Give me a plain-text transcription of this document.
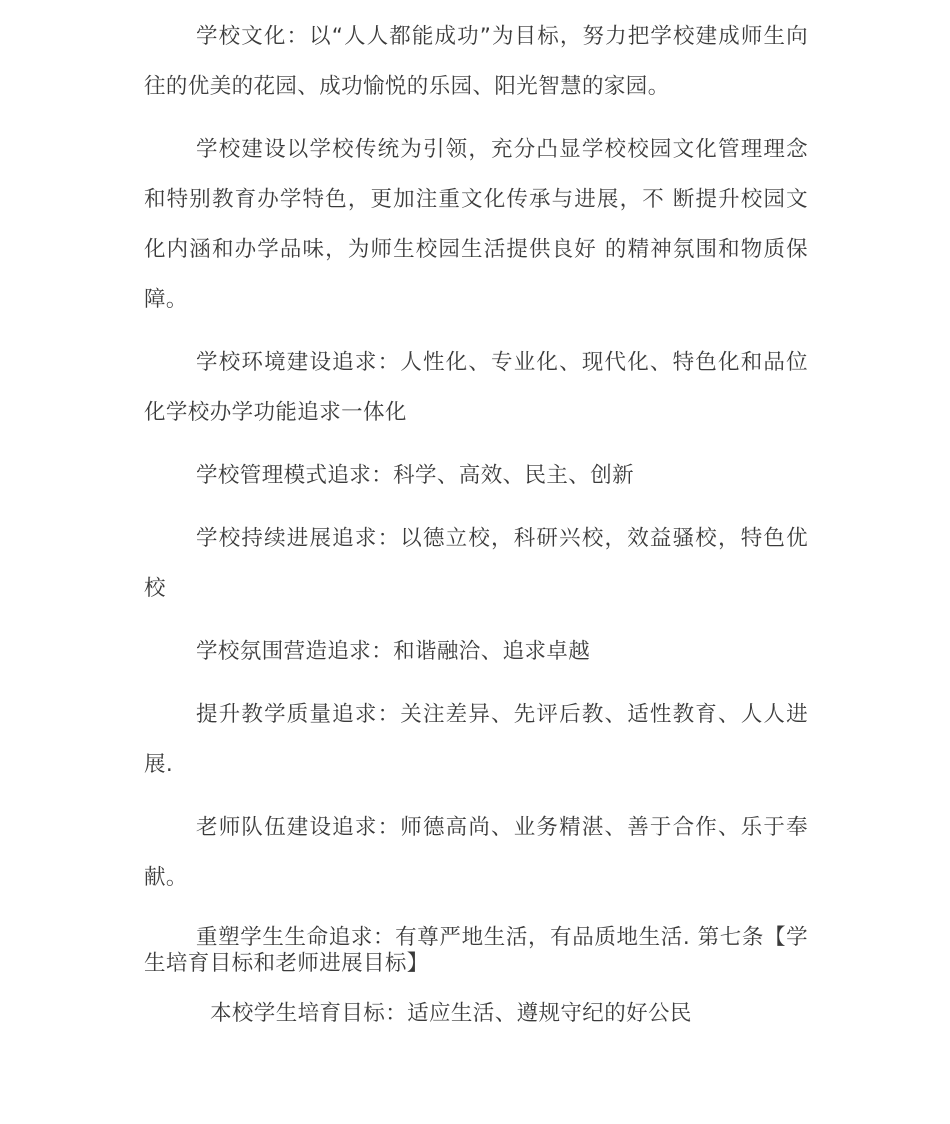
学校文化：以“人人都能成功”为目标，努力把学校建成师生向往的优美的花园、成功愉悦的乐园、阳光智慧的家园。

学校建设以学校传统为引领，充分凸显学校校园文化管理理念和特别教育办学特色，更加注重文化传承与进展，不 断提升校园文化内涵和办学品味，为师生校园生活提供良好 的精神氛围和物质保障。

学校环境建设追求：人性化、专业化、现代化、特色化和品位化学校办学功能追求一体化

学校管理模式追求：科学、高效、民主、创新

学校持续进展追求：以德立校，科研兴校，效益骚校，特色优校

学校氛围营造追求：和谐融洽、追求卓越

提升教学质量追求：关注差异、先评后教、适性教育、人人进展.

老师队伍建设追求：师德高尚、业务精湛、善于合作、乐于奉献。

重塑学生生命追求：有尊严地生活，有品质地生活. 第七条【学生培育目标和老师进展目标】

本校学生培育目标：适应生活、遵规守纪的好公民
